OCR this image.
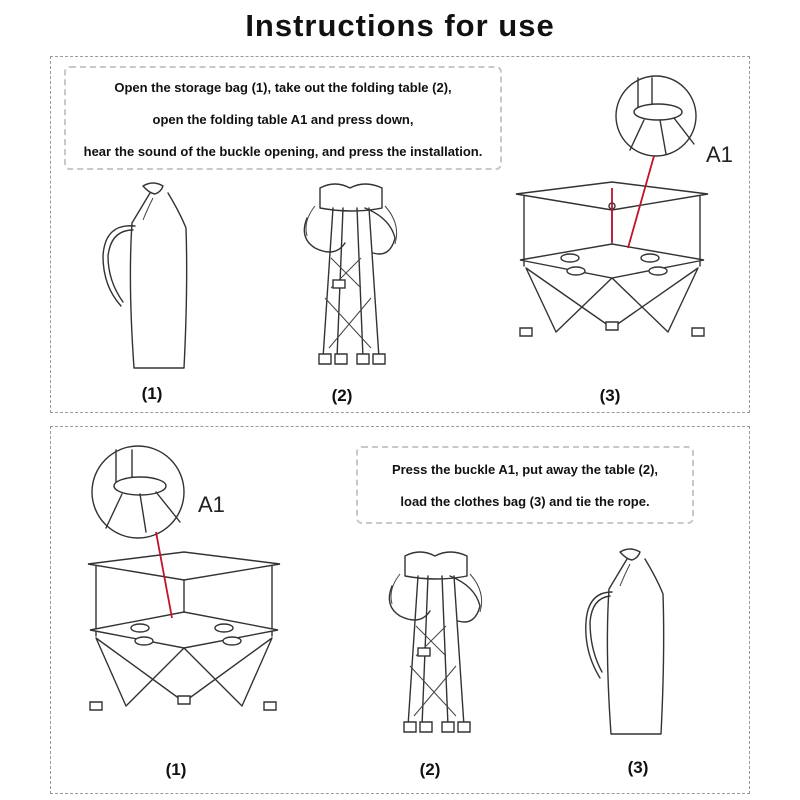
Instructions for use
Open the storage bag (1), take out the folding table (2),
open the folding table A1 and press down,
hear the sound of the buckle opening, and press the installation.	A1
(1)	(2)	(3)
Press the buckle A1, put away the table (2),
load the clothes bag (3) and tie the rope.
A1
(1)	(2)	(3)
